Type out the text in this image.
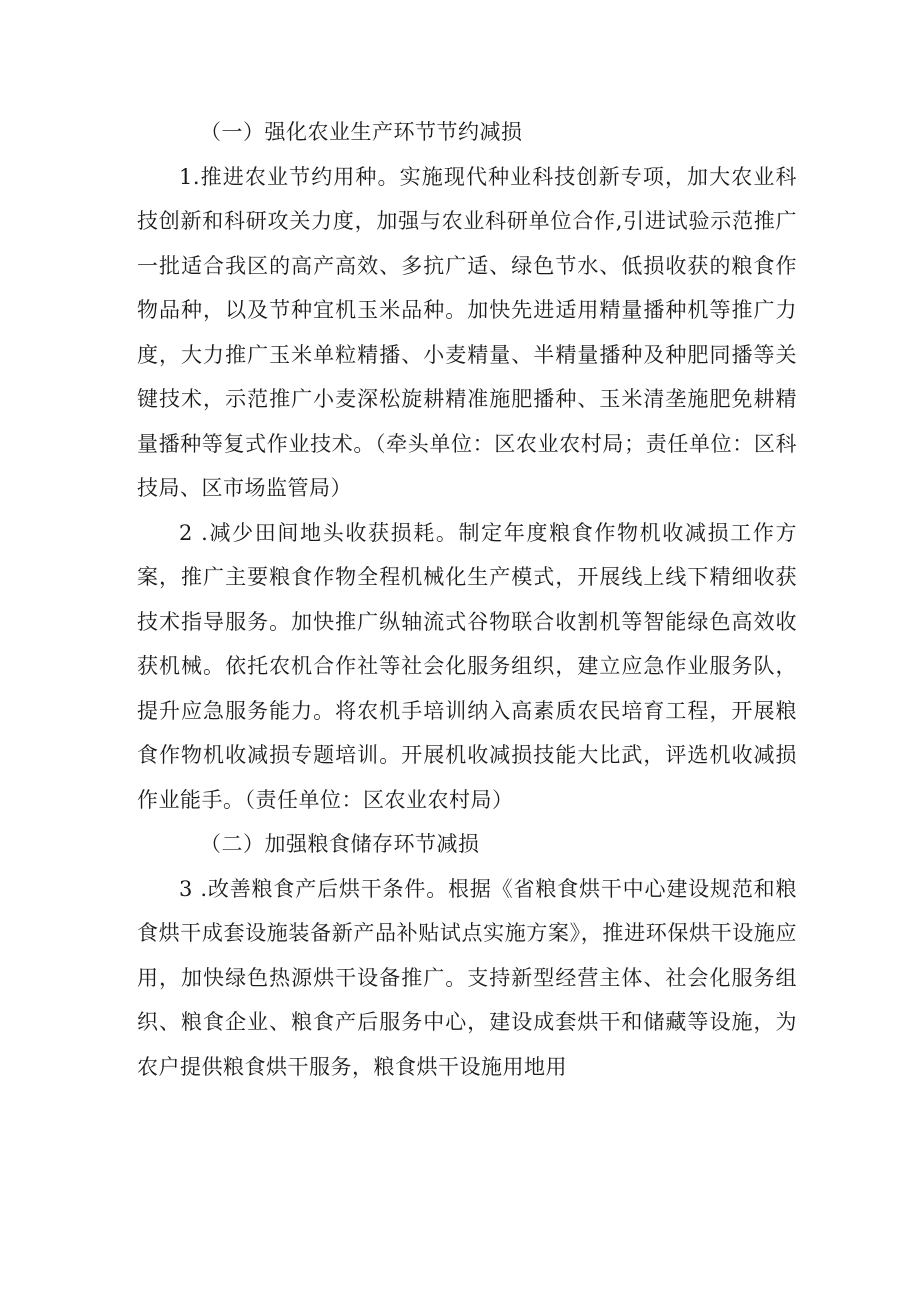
（一）强化农业生产环节节约减损

1.推进农业节约用种。实施现代种业科技创新专项，加大农业科技创新和科研攻关力度，加强与农业科研单位合作,引进试验示范推广一批适合我区的高产高效、多抗广适、绿色节水、低损收获的粮食作物品种，以及节种宜机玉米品种。加快先进适用精量播种机等推广力度，大力推广玉米单粒精播、小麦精量、半精量播种及种肥同播等关键技术，示范推广小麦深松旋耕精准施肥播种、玉米清垄施肥免耕精量播种等复式作业技术。（牵头单位：区农业农村局；责任单位：区科技局、区市场监管局）

2 .减少田间地头收获损耗。制定年度粮食作物机收减损工作方案，推广主要粮食作物全程机械化生产模式，开展线上线下精细收获技术指导服务。加快推广纵轴流式谷物联合收割机等智能绿色高效收获机械。依托农机合作社等社会化服务组织，建立应急作业服务队，提升应急服务能力。将农机手培训纳入高素质农民培育工程，开展粮食作物机收减损专题培训。开展机收减损技能大比武，评选机收减损作业能手。（责任单位：区农业农村局）

（二）加强粮食储存环节减损

3 .改善粮食产后烘干条件。根据《省粮食烘干中心建设规范和粮食烘干成套设施装备新产品补贴试点实施方案》，推进环保烘干设施应用，加快绿色热源烘干设备推广。支持新型经营主体、社会化服务组织、粮食企业、粮食产后服务中心，建设成套烘干和储藏等设施，为农户提供粮食烘干服务，粮食烘干设施用地用
